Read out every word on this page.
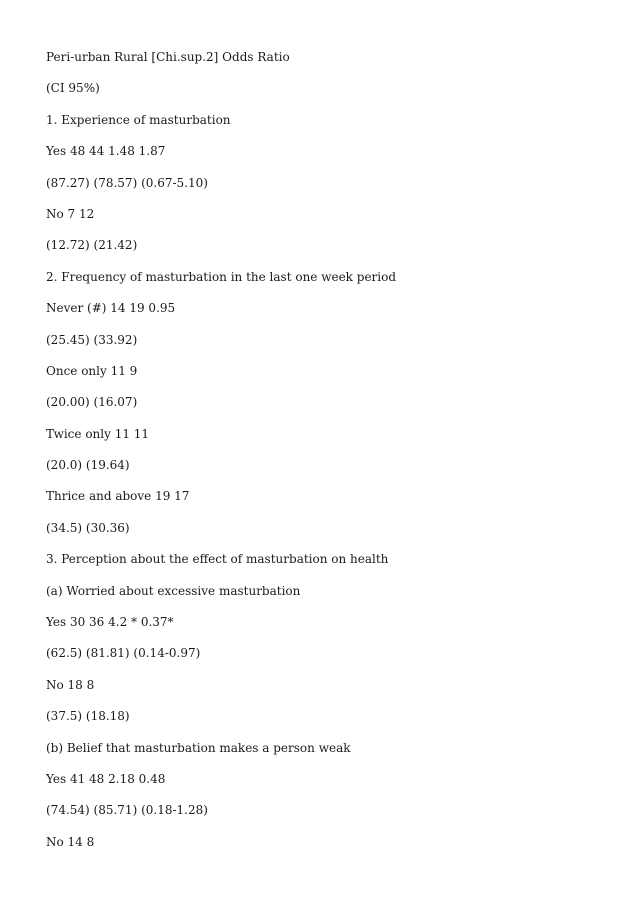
Peri-urban Rural [Chi.sup.2] Odds Ratio
(CI 95%)
1. Experience of masturbation
Yes 48 44 1.48 1.87
(87.27) (78.57) (0.67-5.10)
No 7 12
(12.72) (21.42)
2. Frequency of masturbation in the last one week period
Never (#) 14 19 0.95
(25.45) (33.92)
Once only 11 9
(20.00) (16.07)
Twice only 11 11
(20.0) (19.64)
Thrice and above 19 17
(34.5) (30.36)
3. Perception about the effect of masturbation on health
(a) Worried about excessive masturbation
Yes 30 36 4.2 * 0.37*
(62.5) (81.81) (0.14-0.97)
No 18 8
(37.5) (18.18)
(b) Belief that masturbation makes a person weak
Yes 41 48 2.18 0.48
(74.54) (85.71) (0.18-1.28)
No 14 8
